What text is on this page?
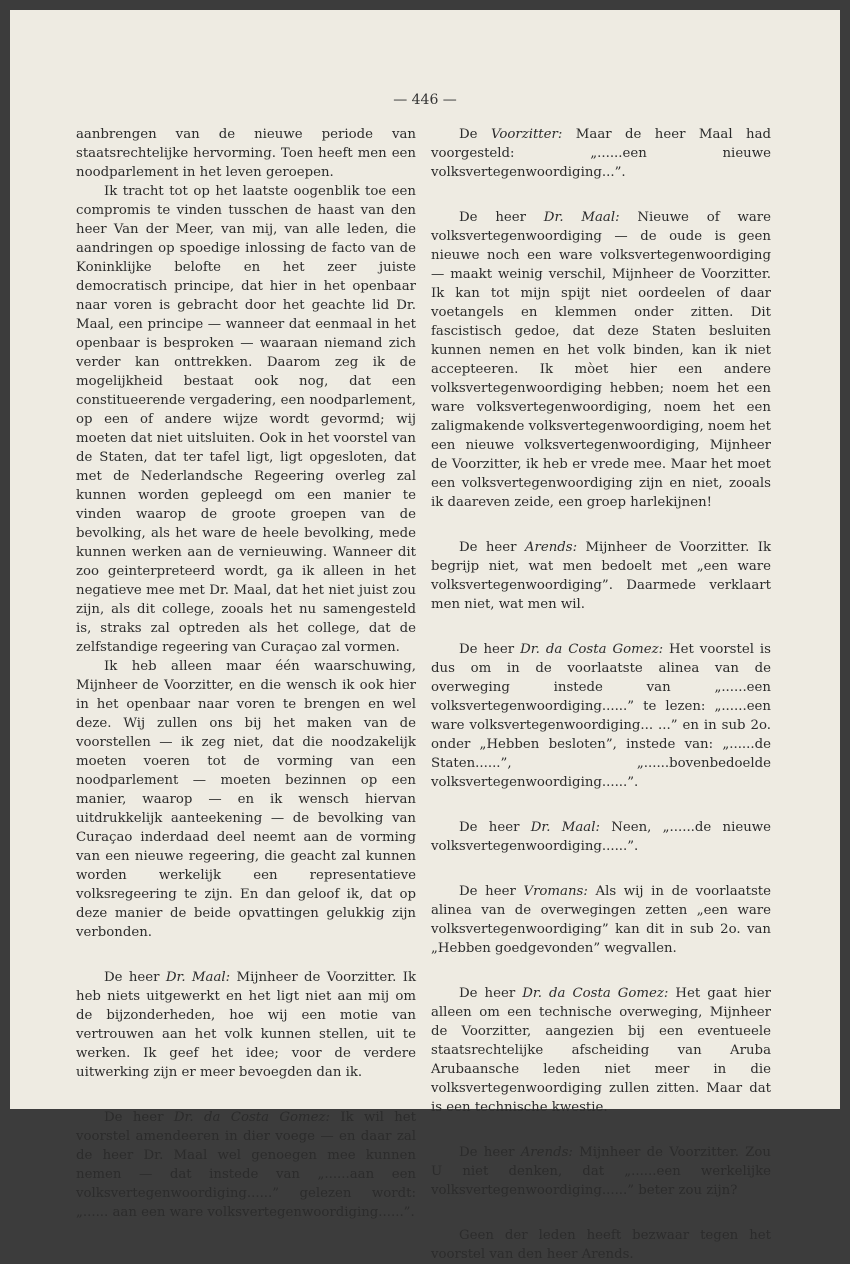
— 446 —

aanbrengen van de nieuwe periode van staatsrechtelijke hervorming. Toen heeft men een noodparlement in het leven geroepen.

Ik tracht tot op het laatste oogenblik toe een compromis te vinden tusschen de haast van den heer Van der Meer, van mij, van alle leden, die aandringen op spoedige inlossing de facto van de Koninklijke belofte en het zeer juiste democratisch principe, dat hier in het openbaar naar voren is gebracht door het geachte lid Dr. Maal, een principe — wanneer dat eenmaal in het openbaar is besproken — waaraan niemand zich verder kan onttrekken. Daarom zeg ik de mogelijkheid bestaat ook nog, dat een constitueerende vergadering, een noodparlement, op een of andere wijze wordt gevormd; wij moeten dat niet uitsluiten. Ook in het voorstel van de Staten, dat ter tafel ligt, ligt opgesloten, dat met de Nederlandsche Regeering overleg zal kunnen worden gepleegd om een manier te vinden waarop de groote groepen van de bevolking, als het ware de heele bevolking, mede kunnen werken aan de vernieuwing. Wanneer dit zoo geinterpreteerd wordt, ga ik alleen in het negatieve mee met Dr. Maal, dat het niet juist zou zijn, als dit college, zooals het nu samengesteld is, straks zal optreden als het college, dat de zelfstandige regeering van Curaçao zal vormen.

Ik heb alleen maar één waarschuwing, Mijnheer de Voorzitter, en die wensch ik ook hier in het openbaar naar voren te brengen en wel deze. Wij zullen ons bij het maken van de voorstellen — ik zeg niet, dat die noodzakelijk moeten voeren tot de vorming van een noodparlement — moeten bezinnen op een manier, waarop — en ik wensch hiervan uitdrukkelijk aanteekening — de bevolking van Curaçao inderdaad deel neemt aan de vorming van een nieuwe regeering, die geacht zal kunnen worden werkelijk een representatieve volksregeering te zijn. En dan geloof ik, dat op deze manier de beide opvattingen gelukkig zijn verbonden.

De heer Dr. Maal: Mijnheer de Voorzitter. Ik heb niets uitgewerkt en het ligt niet aan mij om de bijzonderheden, hoe wij een motie van vertrouwen aan het volk kunnen stellen, uit te werken. Ik geef het idee; voor de verdere uitwerking zijn er meer bevoegden dan ik.

De heer Dr. da Costa Gomez: Ik wil het voorstel amendeeren in dier voege — en daar zal de heer Dr. Maal wel genoegen mee kunnen nemen — dat instede van „......aan een volksvertegenwoordiging......” gelezen wordt: „...... aan een ware volksvertegenwoordiging......”.

De Voorzitter: Maar de heer Maal had voorgesteld: „......een nieuwe volksvertegenwoordiging...”.

De heer Dr. Maal: Nieuwe of ware volksvertegenwoordiging — de oude is geen nieuwe noch een ware volksvertegenwoordiging — maakt weinig verschil, Mijnheer de Voorzitter. Ik kan tot mijn spijt niet oordeelen of daar voetangels en klemmen onder zitten. Dit fascistisch gedoe, dat deze Staten besluiten kunnen nemen en het volk binden, kan ik niet accepteeren. Ik mòet hier een andere volksvertegenwoordiging hebben; noem het een ware volksvertegenwoordiging, noem het een zaligmakende volksvertegenwoordiging, noem het een nieuwe volksvertegenwoordiging, Mijnheer de Voorzitter, ik heb er vrede mee. Maar het moet een volksvertegenwoordiging zijn en niet, zooals ik daareven zeide, een groep harlekijnen!

De heer Arends: Mijnheer de Voorzitter. Ik begrijp niet, wat men bedoelt met „een ware volksvertegenwoordiging”. Daarmede verklaart men niet, wat men wil.

De heer Dr. da Costa Gomez: Het voorstel is dus om in de voorlaatste alinea van de overweging instede van „......een volksvertegenwoordiging......” te lezen: „......een ware volksvertegenwoordiging... ...” en in sub 2o. onder „Hebben besloten”, instede van: „......de Staten......”, „......bovenbedoelde volksvertegenwoordiging......”.

De heer Dr. Maal: Neen, „......de nieuwe volksvertegenwoordiging......”.

De heer Vromans: Als wij in de voorlaatste alinea van de overwegingen zetten „een ware volksvertegenwoordiging” kan dit in sub 2o. van „Hebben goedgevonden” wegvallen.

De heer Dr. da Costa Gomez: Het gaat hier alleen om een technische overweging, Mijnheer de Voorzitter, aangezien bij een eventueele staatsrechtelijke afscheiding van Aruba Arubaansche leden niet meer in die volksvertegenwoordiging zullen zitten. Maar dat is een technische kwestie.

De heer Arends: Mijnheer de Voorzitter. Zou U niet denken, dat „......een werkelijke volksvertegenwoordiging......” beter zou zijn?

Geen der leden heeft bezwaar tegen het voorstel van den heer Arends.
